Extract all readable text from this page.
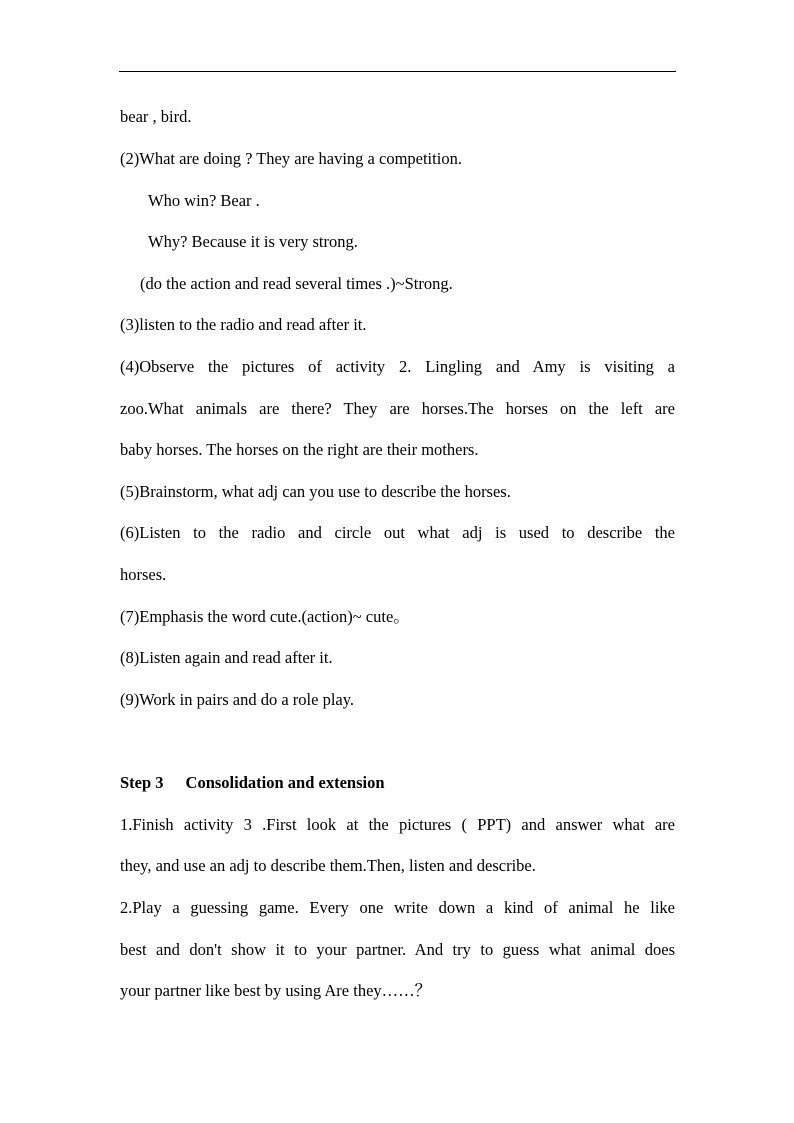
bear , bird.
(2)What are doing ? They are having a competition.
Who win? Bear .
Why? Because it is very strong.
(do the action and read several times .)~Strong.
(3)listen to the radio and read after it.
(4)Observe the pictures of activity 2. Lingling and Amy is visiting a
zoo.What animals are there? They are horses.The horses on the left are
baby horses. The horses on the right are their mothers.
(5)Brainstorm, what adj can you use to describe the horses.
(6)Listen to the radio and circle out what adj is used to describe the
horses.
(7)Emphasis the word cute.(action)~ cute。
(8)Listen again and read after it.
(9)Work in pairs and do a role play.
Step 3 Consolidation and extension
1.Finish activity 3 .First look at the pictures ( PPT) and answer what are
they, and use an adj to describe them.Then, listen and describe.
2.Play a guessing game. Every one write down a kind of animal he like
best and don't show it to your partner. And try to guess what animal does
your partner like best by using Are they……？
